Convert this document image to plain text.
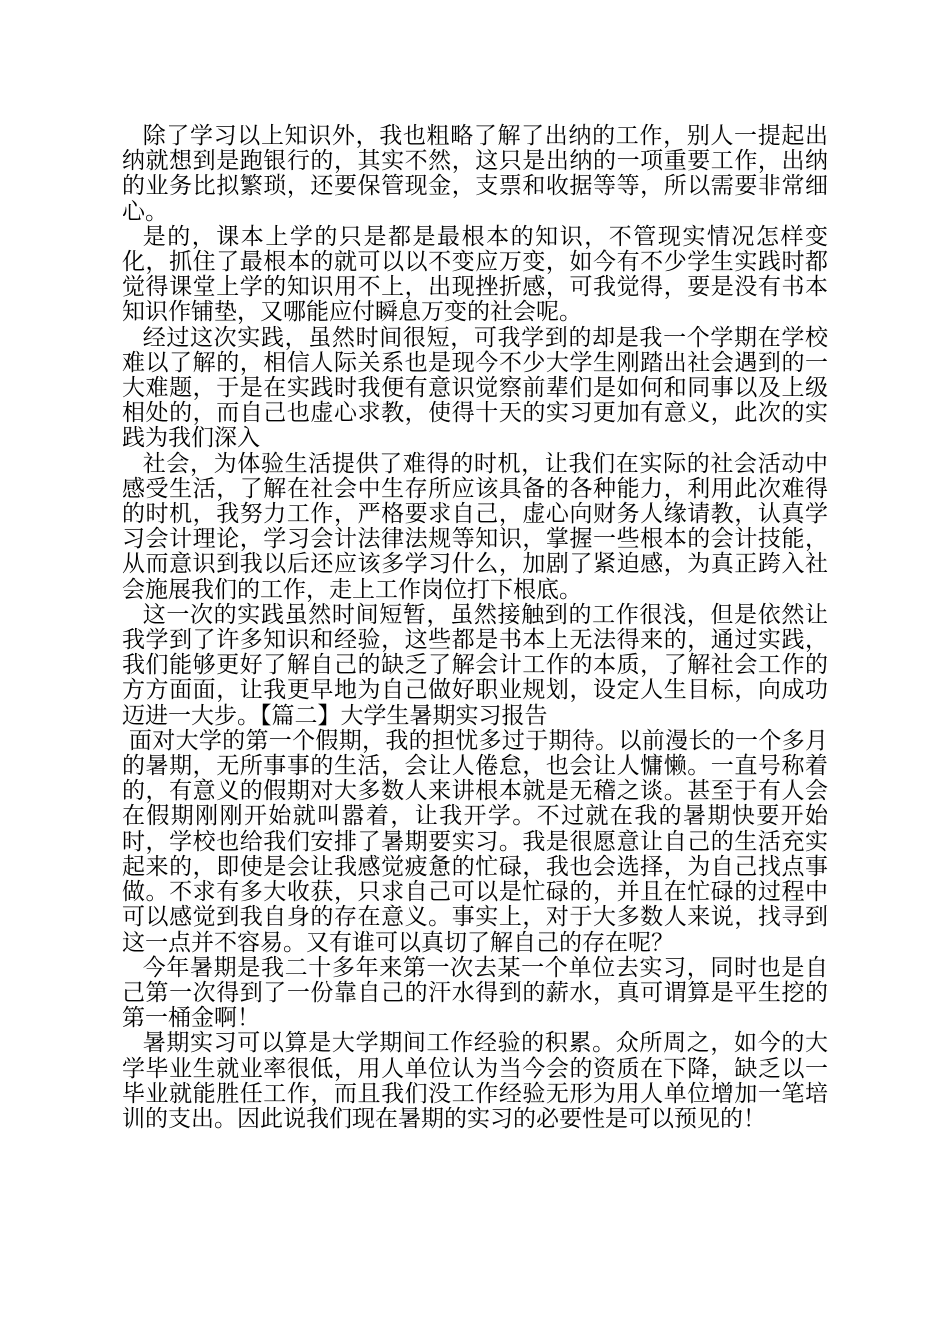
除了学习以上知识外，我也粗略了解了出纳的工作，别人一提起出纳就想到是跑银行的，其实不然，这只是出纳的一项重要工作，出纳的业务比拟繁琐，还要保管现金，支票和收据等等，所以需要非常细心。

是的，课本上学的只是都是最根本的知识，不管现实情况怎样变化，抓住了最根本的就可以以不变应万变，如今有不少学生实践时都觉得课堂上学的知识用不上，出现挫折感，可我觉得，要是没有书本知识作铺垫，又哪能应付瞬息万变的社会呢。

经过这次实践，虽然时间很短，可我学到的却是我一个学期在学校难以了解的，相信人际关系也是现今不少大学生刚踏出社会遇到的一大难题，于是在实践时我便有意识觉察前辈们是如何和同事以及上级相处的，而自己也虚心求教，使得十天的实习更加有意义，此次的实践为我们深入

社会，为体验生活提供了难得的时机，让我们在实际的社会活动中感受生活，了解在社会中生存所应该具备的各种能力，利用此次难得的时机，我努力工作，严格要求自己，虚心向财务人缘请教，认真学习会计理论，学习会计法律法规等知识，掌握一些根本的会计技能，从而意识到我以后还应该多学习什么，加剧了紧迫感，为真正跨入社会施展我们的工作，走上工作岗位打下根底。

这一次的实践虽然时间短暂，虽然接触到的工作很浅，但是依然让我学到了许多知识和经验，这些都是书本上无法得来的，通过实践，我们能够更好了解自己的缺乏了解会计工作的本质，了解社会工作的方方面面，让我更早地为自己做好职业规划，设定人生目标，向成功迈进一大步。【篇二】大学生暑期实习报告

面对大学的第一个假期，我的担忧多过于期待。以前漫长的一个多月的暑期，无所事事的生活，会让人倦怠，也会让人慵懒。一直号称着的，有意义的假期对大多数人来讲根本就是无稽之谈。甚至于有人会在假期刚刚开始就叫嚣着，让我开学。不过就在我的暑期快要开始时，学校也给我们安排了暑期要实习。我是很愿意让自己的生活充实起来的，即使是会让我感觉疲惫的忙碌，我也会选择，为自己找点事做。不求有多大收获，只求自己可以是忙碌的，并且在忙碌的过程中可以感觉到我自身的存在意义。事实上，对于大多数人来说，找寻到这一点并不容易。又有谁可以真切了解自己的存在呢？

今年暑期是我二十多年来第一次去某一个单位去实习，同时也是自己第一次得到了一份靠自己的汗水得到的薪水，真可谓算是平生挖的第一桶金啊！

暑期实习可以算是大学期间工作经验的积累。众所周之，如今的大学毕业生就业率很低，用人单位认为当今会的资质在下降，缺乏以一毕业就能胜任工作，而且我们没工作经验无形为用人单位增加一笔培训的支出。因此说我们现在暑期的实习的必要性是可以预见的！
